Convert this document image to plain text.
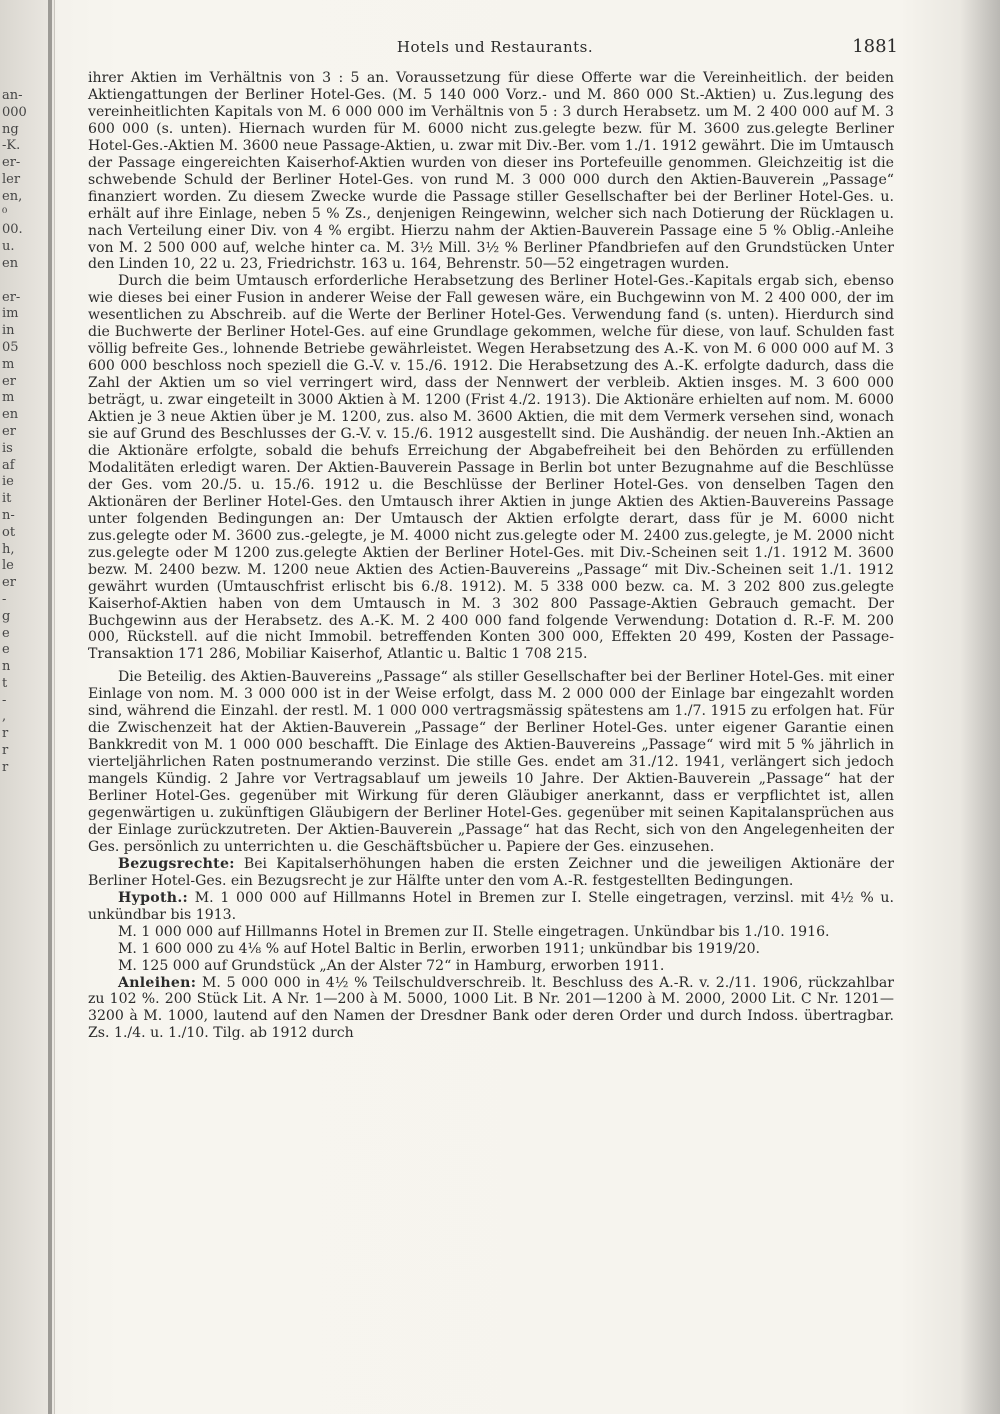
an-
000
ng
-K.
er-
ler
en,
⁰
00.
u.
en
er-
im
in
05
m
er
m
en
er
is
af
ie
it
n-
ot
h,
le
er
-
g
e
e
n
t
-
,
r
r
r
Hotels und Restaurants.	1881

ihrer Aktien im Verhältnis von 3 : 5 an. Voraussetzung für diese Offerte war die Vereinheitlich. der beiden Aktiengattungen der Berliner Hotel-Ges. (M. 5 140 000 Vorz.- und M. 860 000 St.-Aktien) u. Zus.legung des vereinheitlichten Kapitals von M. 6 000 000 im Verhältnis von 5 : 3 durch Herabsetz. um M. 2 400 000 auf M. 3 600 000 (s. unten). Hiernach wurden für M. 6000 nicht zus.gelegte bezw. für M. 3600 zus.gelegte Berliner Hotel-Ges.-Aktien M. 3600 neue Passage-Aktien, u. zwar mit Div.-Ber. vom 1./1. 1912 gewährt. Die im Umtausch der Passage eingereichten Kaiserhof-Aktien wurden von dieser ins Portefeuille genommen. Gleichzeitig ist die schwebende Schuld der Berliner Hotel-Ges. von rund M. 3 000 000 durch den Aktien-Bauverein „Passage“ finanziert worden. Zu diesem Zwecke wurde die Passage stiller Gesellschafter bei der Berliner Hotel-Ges. u. erhält auf ihre Einlage, neben 5 % Zs., denjenigen Reingewinn, welcher sich nach Dotierung der Rücklagen u. nach Verteilung einer Div. von 4 % ergibt. Hierzu nahm der Aktien-Bauverein Passage eine 5 % Oblig.-Anleihe von M. 2 500 000 auf, welche hinter ca. M. 3½ Mill. 3½ % Berliner Pfandbriefen auf den Grundstücken Unter den Linden 10, 22 u. 23, Friedrichstr. 163 u. 164, Behrenstr. 50—52 eingetragen wurden.

Durch die beim Umtausch erforderliche Herabsetzung des Berliner Hotel-Ges.-Kapitals ergab sich, ebenso wie dieses bei einer Fusion in anderer Weise der Fall gewesen wäre, ein Buchgewinn von M. 2 400 000, der im wesentlichen zu Abschreib. auf die Werte der Berliner Hotel-Ges. Verwendung fand (s. unten). Hierdurch sind die Buchwerte der Berliner Hotel-Ges. auf eine Grundlage gekommen, welche für diese, von lauf. Schulden fast völlig befreite Ges., lohnende Betriebe gewährleistet. Wegen Herabsetzung des A.-K. von M. 6 000 000 auf M. 3 600 000 beschloss noch speziell die G.-V. v. 15./6. 1912. Die Herabsetzung des A.-K. erfolgte dadurch, dass die Zahl der Aktien um so viel verringert wird, dass der Nennwert der verbleib. Aktien insges. M. 3 600 000 beträgt, u. zwar eingeteilt in 3000 Aktien à M. 1200 (Frist 4./2. 1913). Die Aktionäre erhielten auf nom. M. 6000 Aktien je 3 neue Aktien über je M. 1200, zus. also M. 3600 Aktien, die mit dem Vermerk versehen sind, wonach sie auf Grund des Beschlusses der G.-V. v. 15./6. 1912 ausgestellt sind. Die Aushändig. der neuen Inh.-Aktien an die Aktionäre erfolgte, sobald die behufs Erreichung der Abgabefreiheit bei den Behörden zu erfüllenden Modalitäten erledigt waren. Der Aktien-Bauverein Passage in Berlin bot unter Bezugnahme auf die Beschlüsse der Ges. vom 20./5. u. 15./6. 1912 u. die Beschlüsse der Berliner Hotel-Ges. von denselben Tagen den Aktionären der Berliner Hotel-Ges. den Umtausch ihrer Aktien in junge Aktien des Aktien-Bauvereins Passage unter folgenden Bedingungen an: Der Umtausch der Aktien erfolgte derart, dass für je M. 6000 nicht zus.gelegte oder M. 3600 zus.-gelegte, je M. 4000 nicht zus.gelegte oder M. 2400 zus.gelegte, je M. 2000 nicht zus.gelegte oder M 1200 zus.gelegte Aktien der Berliner Hotel-Ges. mit Div.-Scheinen seit 1./1. 1912 M. 3600 bezw. M. 2400 bezw. M. 1200 neue Aktien des Actien-Bauvereins „Passage“ mit Div.-Scheinen seit 1./1. 1912 gewährt wurden (Umtauschfrist erlischt bis 6./8. 1912). M. 5 338 000 bezw. ca. M. 3 202 800 zus.gelegte Kaiserhof-Aktien haben von dem Umtausch in M. 3 302 800 Passage-Aktien Gebrauch gemacht. Der Buchgewinn aus der Herabsetz. des A.-K. M. 2 400 000 fand folgende Verwendung: Dotation d. R.-F. M. 200 000, Rückstell. auf die nicht Immobil. betreffenden Konten 300 000, Effekten 20 499, Kosten der Passage-Transaktion 171 286, Mobiliar Kaiserhof, Atlantic u. Baltic 1 708 215.

Die Beteilig. des Aktien-Bauvereins „Passage“ als stiller Gesellschafter bei der Berliner Hotel-Ges. mit einer Einlage von nom. M. 3 000 000 ist in der Weise erfolgt, dass M. 2 000 000 der Einlage bar eingezahlt worden sind, während die Einzahl. der restl. M. 1 000 000 vertragsmässig spätestens am 1./7. 1915 zu erfolgen hat. Für die Zwischenzeit hat der Aktien-Bauverein „Passage“ der Berliner Hotel-Ges. unter eigener Garantie einen Bankkredit von M. 1 000 000 beschafft. Die Einlage des Aktien-Bauvereins „Passage“ wird mit 5 % jährlich in vierteljährlichen Raten postnumerando verzinst. Die stille Ges. endet am 31./12. 1941, verlängert sich jedoch mangels Kündig. 2 Jahre vor Vertragsablauf um jeweils 10 Jahre. Der Aktien-Bauverein „Passage“ hat der Berliner Hotel-Ges. gegenüber mit Wirkung für deren Gläubiger anerkannt, dass er verpflichtet ist, allen gegenwärtigen u. zukünftigen Gläubigern der Berliner Hotel-Ges. gegenüber mit seinen Kapitalansprüchen aus der Einlage zurückzutreten. Der Aktien-Bauverein „Passage“ hat das Recht, sich von den Angelegenheiten der Ges. persönlich zu unterrichten u. die Geschäftsbücher u. Papiere der Ges. einzusehen.

Bezugsrechte: Bei Kapitalserhöhungen haben die ersten Zeichner und die jeweiligen Aktionäre der Berliner Hotel-Ges. ein Bezugsrecht je zur Hälfte unter den vom A.-R. festgestellten Bedingungen.

Hypoth.: M. 1 000 000 auf Hillmanns Hotel in Bremen zur I. Stelle eingetragen, verzinsl. mit 4½ % u. unkündbar bis 1913.

M. 1 000 000 auf Hillmanns Hotel in Bremen zur II. Stelle eingetragen. Unkündbar bis 1./10. 1916.

M. 1 600 000 zu 4⅛ % auf Hotel Baltic in Berlin, erworben 1911; unkündbar bis 1919/20.

M. 125 000 auf Grundstück „An der Alster 72“ in Hamburg, erworben 1911.

Anleihen: M. 5 000 000 in 4½ % Teilschuldverschreib. lt. Beschluss des A.-R. v. 2./11. 1906, rückzahlbar zu 102 %. 200 Stück Lit. A Nr. 1—200 à M. 5000, 1000 Lit. B Nr. 201—1200 à M. 2000, 2000 Lit. C Nr. 1201—3200 à M. 1000, lautend auf den Namen der Dresdner Bank oder deren Order und durch Indoss. übertragbar. Zs. 1./4. u. 1./10. Tilg. ab 1912 durch
